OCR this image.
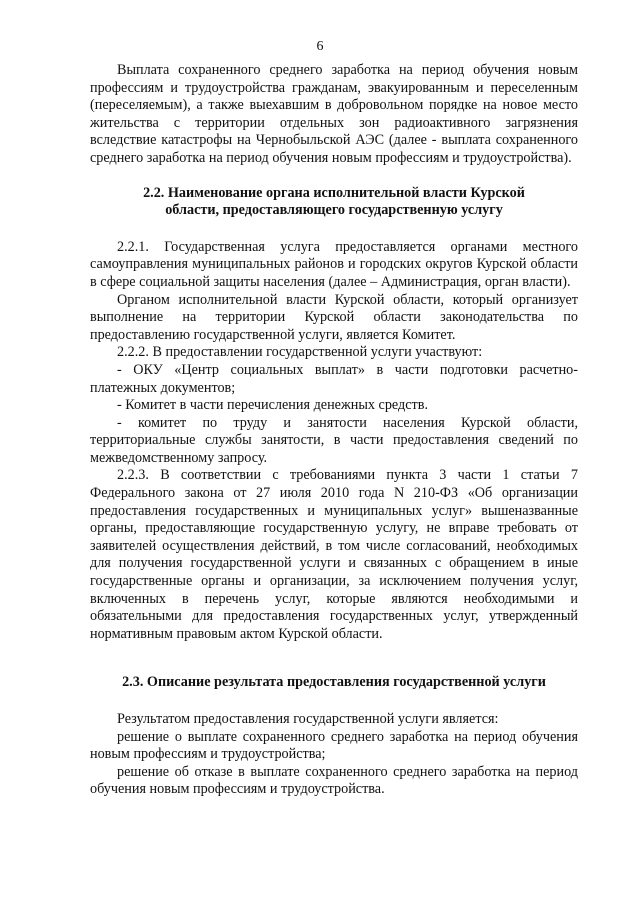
6

Выплата сохраненного среднего заработка на период обучения новым профессиям и трудоустройства гражданам, эвакуированным и переселенным (переселяемым), а также выехавшим в добровольном порядке на новое место жительства с территории отдельных зон радиоактивного загрязнения вследствие катастрофы на Чернобыльской АЭС (далее - выплата сохраненного среднего заработка на период обучения новым профессиям и трудоустройства).

2.2. Наименование органа исполнительной власти Курской
области, предоставляющего государственную услугу

2.2.1. Государственная услуга предоставляется органами местного самоуправления муниципальных районов и городских округов Курской области в сфере социальной защиты населения (далее – Администрация, орган власти).

Органом исполнительной власти Курской области, который организует выполнение на территории Курской области законодательства по предоставлению государственной услуги, является Комитет.

2.2.2. В предоставлении государственной услуги участвуют:

- ОКУ «Центр социальных выплат» в части подготовки расчетно-платежных документов;

- Комитет в части перечисления денежных средств.

- комитет по труду и занятости населения Курской области, территориальные службы занятости, в части предоставления сведений по межведомственному запросу.

2.2.3. В соответствии с требованиями пункта 3 части 1 статьи 7 Федерального закона от 27 июля 2010 года N 210-ФЗ «Об организации предоставления государственных и муниципальных услуг» вышеназванные органы, предоставляющие государственную услугу, не вправе требовать от заявителей осуществления действий, в том числе согласований, необходимых для получения государственной услуги и связанных с обращением в иные государственные органы и организации, за исключением получения услуг, включенных в перечень услуг, которые являются необходимыми и обязательными для предоставления государственных услуг, утвержденный нормативным правовым актом Курской области.

2.3. Описание результата предоставления государственной услуги

Результатом предоставления государственной услуги является:

решение о выплате сохраненного среднего заработка на период обучения новым профессиям и трудоустройства;

решение об отказе в выплате сохраненного среднего заработка на период обучения новым профессиям и трудоустройства.
